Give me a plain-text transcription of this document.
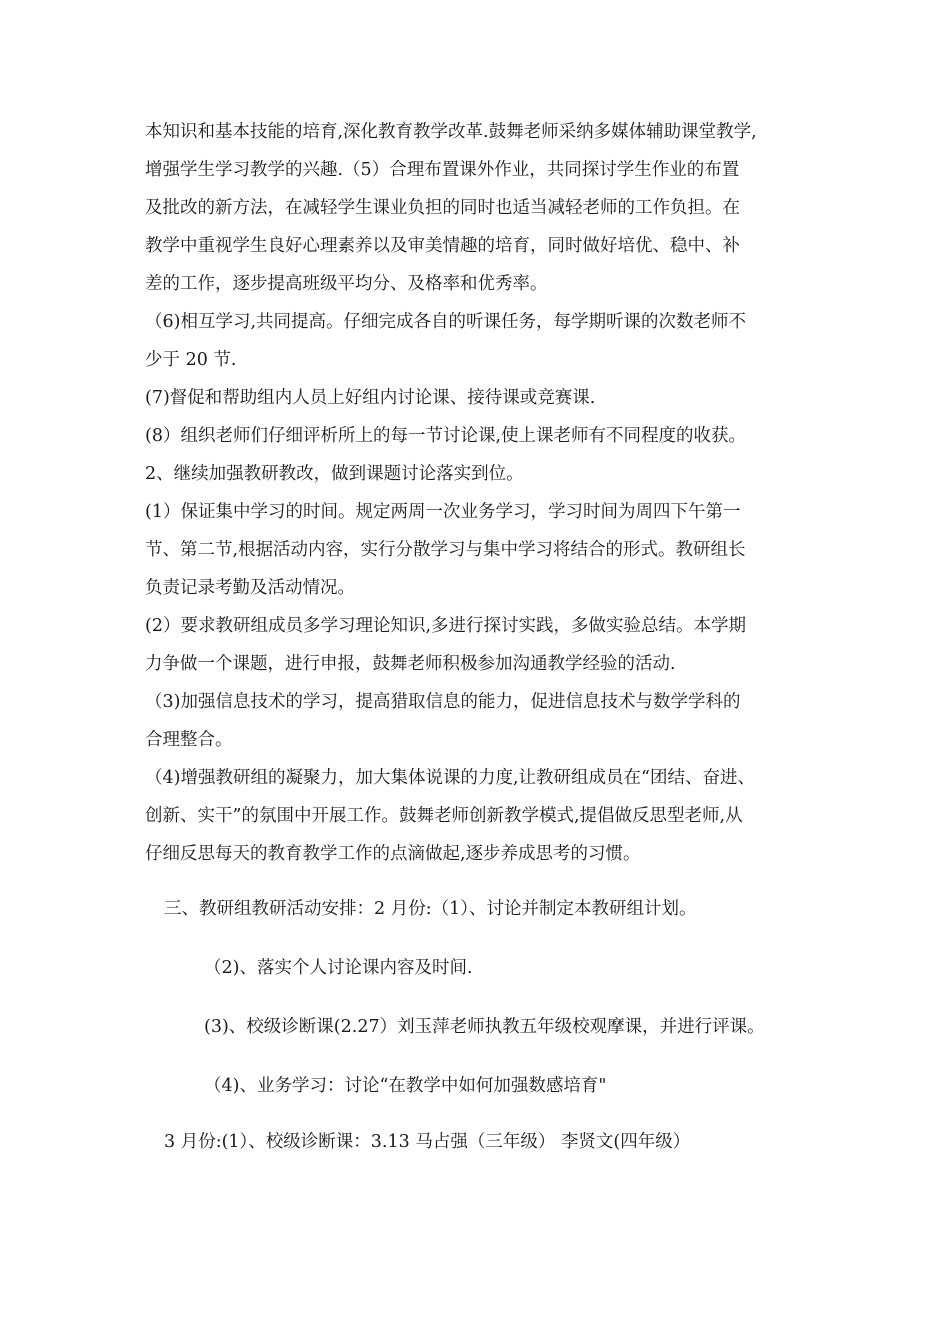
本知识和基本技能的培育,深化教育教学改革.鼓舞老师采纳多媒体辅助课堂教学,
增强学生学习教学的兴趣.（5）合理布置课外作业，共同探讨学生作业的布置
及批改的新方法，在减轻学生课业负担的同时也适当减轻老师的工作负担。在
教学中重视学生良好心理素养以及审美情趣的培育，同时做好培优、稳中、补
差的工作，逐步提高班级平均分、及格率和优秀率。
（6)相互学习,共同提高。仔细完成各自的听课任务，每学期听课的次数老师不
少于 20 节.
(7)督促和帮助组内人员上好组内讨论课、接待课或竞赛课.
(8）组织老师们仔细评析所上的每一节讨论课,使上课老师有不同程度的收获。
2、继续加强教研教改，做到课题讨论落实到位。
(1）保证集中学习的时间。规定两周一次业务学习，学习时间为周四下午第一
节、第二节,根据活动内容，实行分散学习与集中学习将结合的形式。教研组长
负责记录考勤及活动情况。
(2）要求教研组成员多学习理论知识,多进行探讨实践，多做实验总结。本学期
力争做一个课题，进行申报，鼓舞老师积极参加沟通教学经验的活动.
（3)加强信息技术的学习，提高猎取信息的能力，促进信息技术与数学学科的
合理整合。
（4)增强教研组的凝聚力，加大集体说课的力度,让教研组成员在“团结、奋进、
创新、实干”的氛围中开展工作。鼓舞老师创新教学模式,提倡做反思型老师,从
仔细反思每天的教育教学工作的点滴做起,逐步养成思考的习惯。
三、教研组教研活动安排：2 月份:（1）、讨论并制定本教研组计划。
（2)、落实个人讨论课内容及时间.
(3)、校级诊断课(2.27）刘玉萍老师执教五年级校观摩课，并进行评课。
（4)、业务学习：讨论“在教学中如何加强数感培育"
3 月份:(1）、校级诊断课：3.13 马占强（三年级） 李贤文(四年级）
